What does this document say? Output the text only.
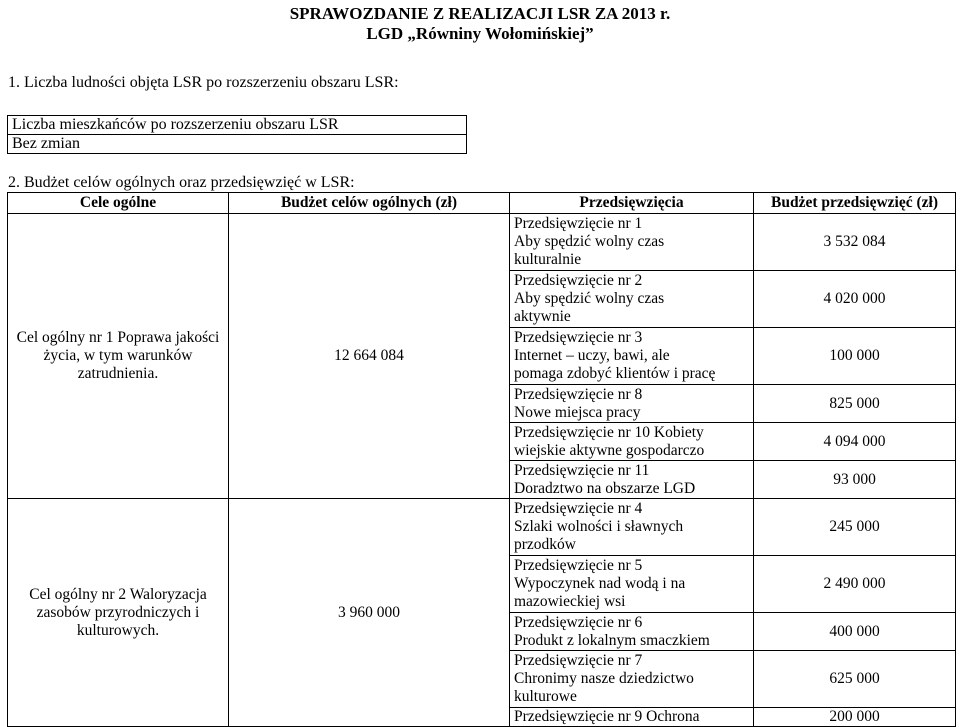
SPRAWOZDANIE Z REALIZACJI LSR ZA 2013 r.
LGD „Równiny Wołomińskiej”
1. Liczba ludności objęta LSR po rozszerzeniu obszaru LSR:
Liczba mieszkańców po rozszerzeniu obszaru LSR
Bez zmian
2. Budżet celów ogólnych oraz przedsięwzięć w LSR:
Cele ogólne	Budżet celów ogólnych (zł)	Przedsięwzięcia	Budżet przedsięwzięć (zł)
Cel ogólny nr 1 Poprawa jakości życia, w tym warunków zatrudnienia.	12 664 084	Przedsięwzięcie nr 1
Aby spędzić wolny czas
kulturalnie	3 532 084
		Przedsięwzięcie nr 2
Aby spędzić wolny czas
aktywnie	4 020 000
		Przedsięwzięcie nr 3
Internet – uczy, bawi, ale
pomaga zdobyć klientów i pracę	100 000
		Przedsięwzięcie nr 8
Nowe miejsca pracy	825 000
		Przedsięwzięcie nr 10 Kobiety
wiejskie aktywne gospodarczo	4 094 000
		Przedsięwzięcie nr 11
Doradztwo na obszarze LGD	93 000
Cel ogólny nr 2 Waloryzacja zasobów przyrodniczych i kulturowych.	3 960 000	Przedsięwzięcie nr 4
Szlaki wolności i sławnych
przodków	245 000
		Przedsięwzięcie nr 5
Wypoczynek nad wodą i na
mazowieckiej wsi	2 490 000
		Przedsięwzięcie nr 6
Produkt z lokalnym smaczkiem	400 000
		Przedsięwzięcie nr 7
Chronimy nasze dziedzictwo
kulturowe	625 000
		Przedsięwzięcie nr 9 Ochrona	200 000
